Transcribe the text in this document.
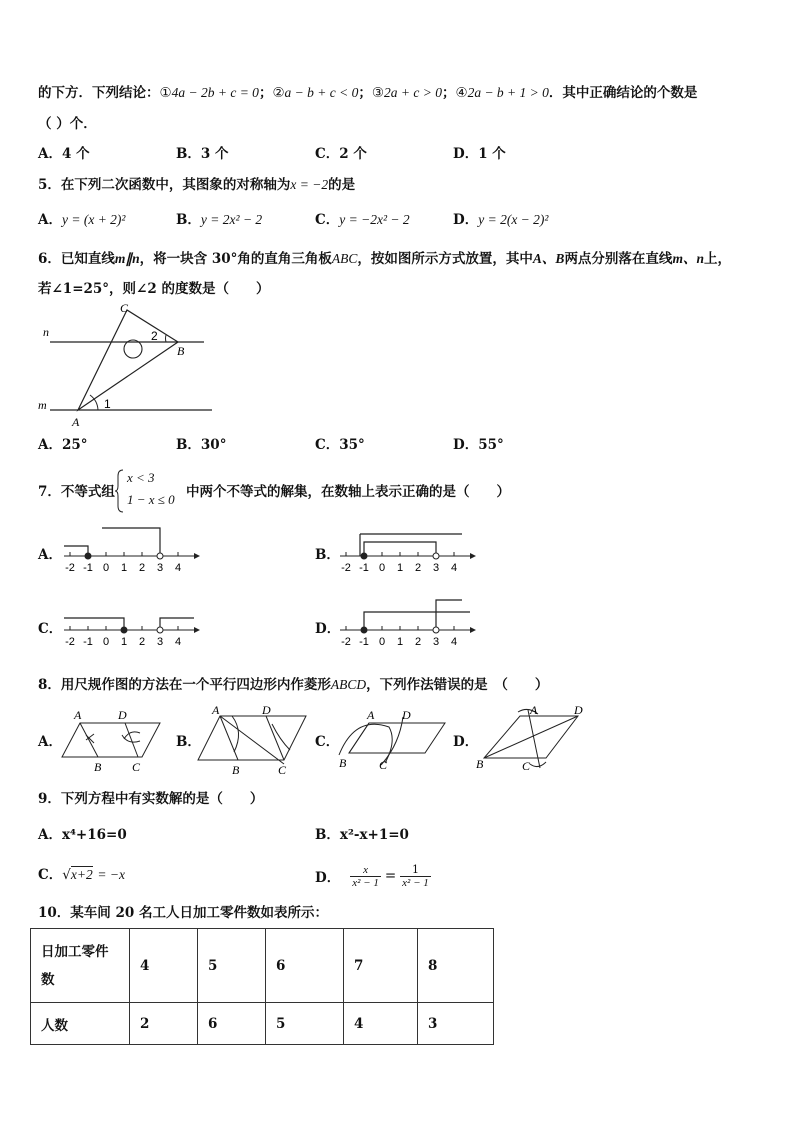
的下方．下列结论：①4a − 2b + c = 0；②a − b + c < 0；③2a + c > 0；④2a − b + 1 > 0．其中正确结论的个数是
（ ）个．
A．4 个	B．3 个	C．2 个	D．1 个
5．在下列二次函数中，其图象的对称轴为x = −2的是
A．y = (x + 2)²	B．y = 2x² − 2	C．y = −2x² − 2	D．y = 2(x − 2)²
6．已知直线m∥n，将一块含 30°角的直角三角板ABC，按如图所示方式放置，其中A、B两点分别落在直线m、n上，
若∠1=25°，则∠2 的度数是（　　）
n
m
A
B
C
1
2
A．25°	B．30°	C．35°	D．55°
7．不等式组
x < 3
1 − x ≤ 0 中两个不等式的解集，在数轴上表示正确的是（　　）
A．	B．
C．	D．
-2 -1 0 1 2 3 4	-2 -1 0 1 2 3 4
-2 -1 0 1 2 3 4	-2 -1 0 1 2 3 4
8．用尺规作图的方法在一个平行四边形内作菱形ABCD，下列作法错误的是　（　　）
A．	B．	C．	D．
A	D
B	C
A	D
B	C
A D
B	C
A	D
B	C
9．下列方程中有实数解的是（　　）
A．x⁴+16=0	B．x²-x+1=0
C．√x+2 = −x	D． $\frac{x}{\text{x² − 1}} = \frac{1}{\text{x² − 1}}$
10．某车间 20 名工人日加工零件数如表所示：
日加工零件
数	4	5	6	7	8
人数	2	6	5	4	3
